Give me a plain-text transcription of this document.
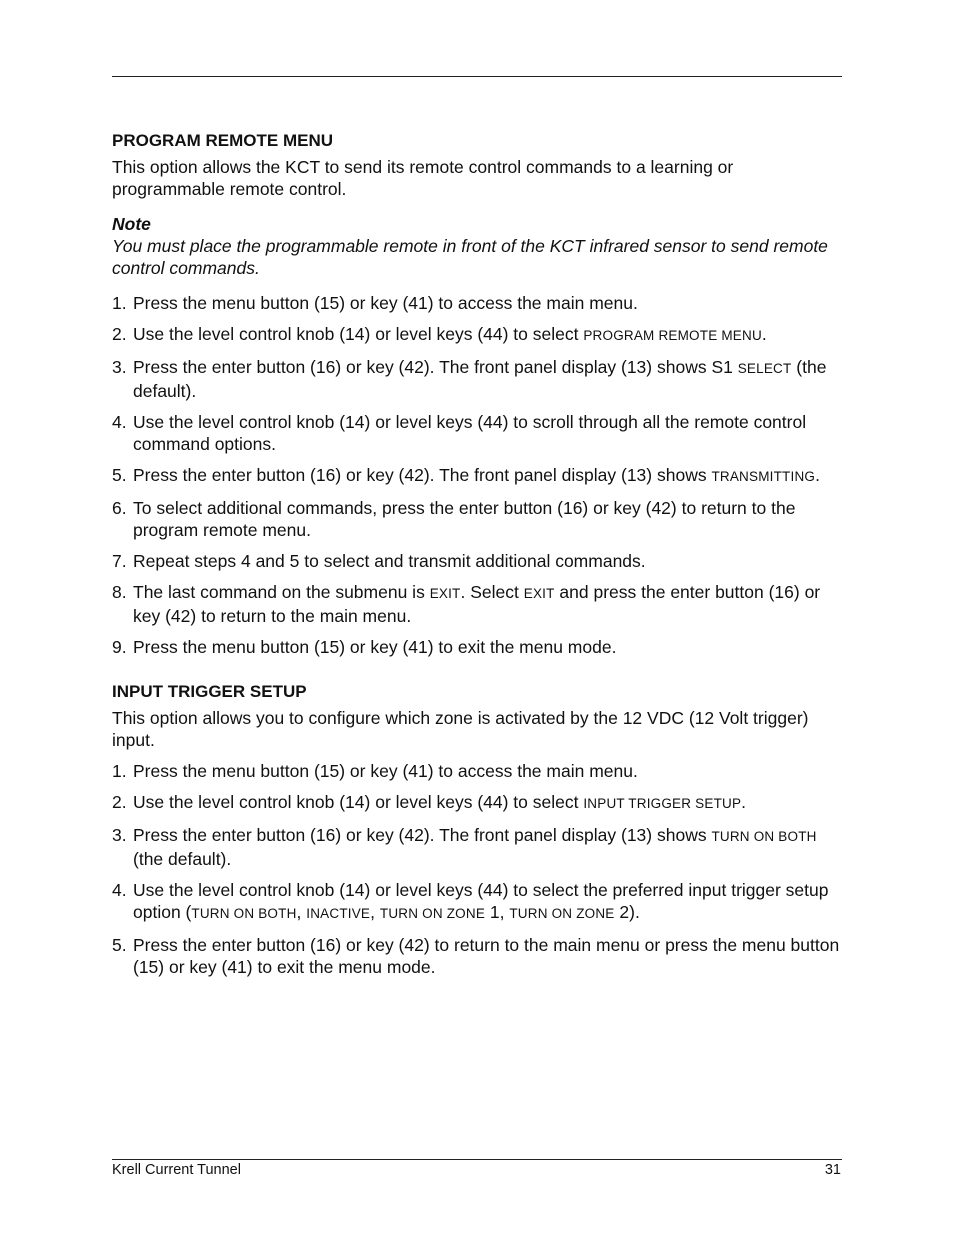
PROGRAM REMOTE MENU
This option allows the KCT to send its remote control commands to a learning or programmable remote control.
Note
You must place the programmable remote in front of the KCT infrared sensor to send remote control commands.
1. Press the menu button (15) or key (41) to access the main menu.
2. Use the level control knob (14) or level keys (44) to select PROGRAM REMOTE MENU.
3. Press the enter button (16) or key (42). The front panel display (13) shows S1 SELECT (the default).
4. Use the level control knob (14) or level keys (44) to scroll through all the remote control command options.
5. Press the enter button (16) or key (42). The front panel display (13) shows TRANSMITTING.
6. To select additional commands, press the enter button (16) or key (42) to return to the program remote menu.
7. Repeat steps 4 and 5 to select and transmit additional commands.
8. The last command on the submenu is EXIT. Select EXIT and press the enter button (16) or key (42) to return to the main menu.
9. Press the menu button (15) or key (41) to exit the menu mode.
INPUT TRIGGER SETUP
This option allows you to configure which zone is activated by the 12 VDC (12 Volt trigger) input.
1. Press the menu button (15) or key (41) to access the main menu.
2. Use the level control knob (14) or level keys (44) to select INPUT TRIGGER SETUP.
3. Press the enter button (16) or key (42). The front panel display (13) shows TURN ON BOTH (the default).
4. Use the level control knob (14) or level keys (44) to select the preferred input trigger setup option (TURN ON BOTH, INACTIVE, TURN ON ZONE 1, TURN ON ZONE 2).
5. Press the enter button (16) or key (42) to return to the main menu or press the menu button (15) or key (41) to exit the menu mode.
Krell Current Tunnel	31
